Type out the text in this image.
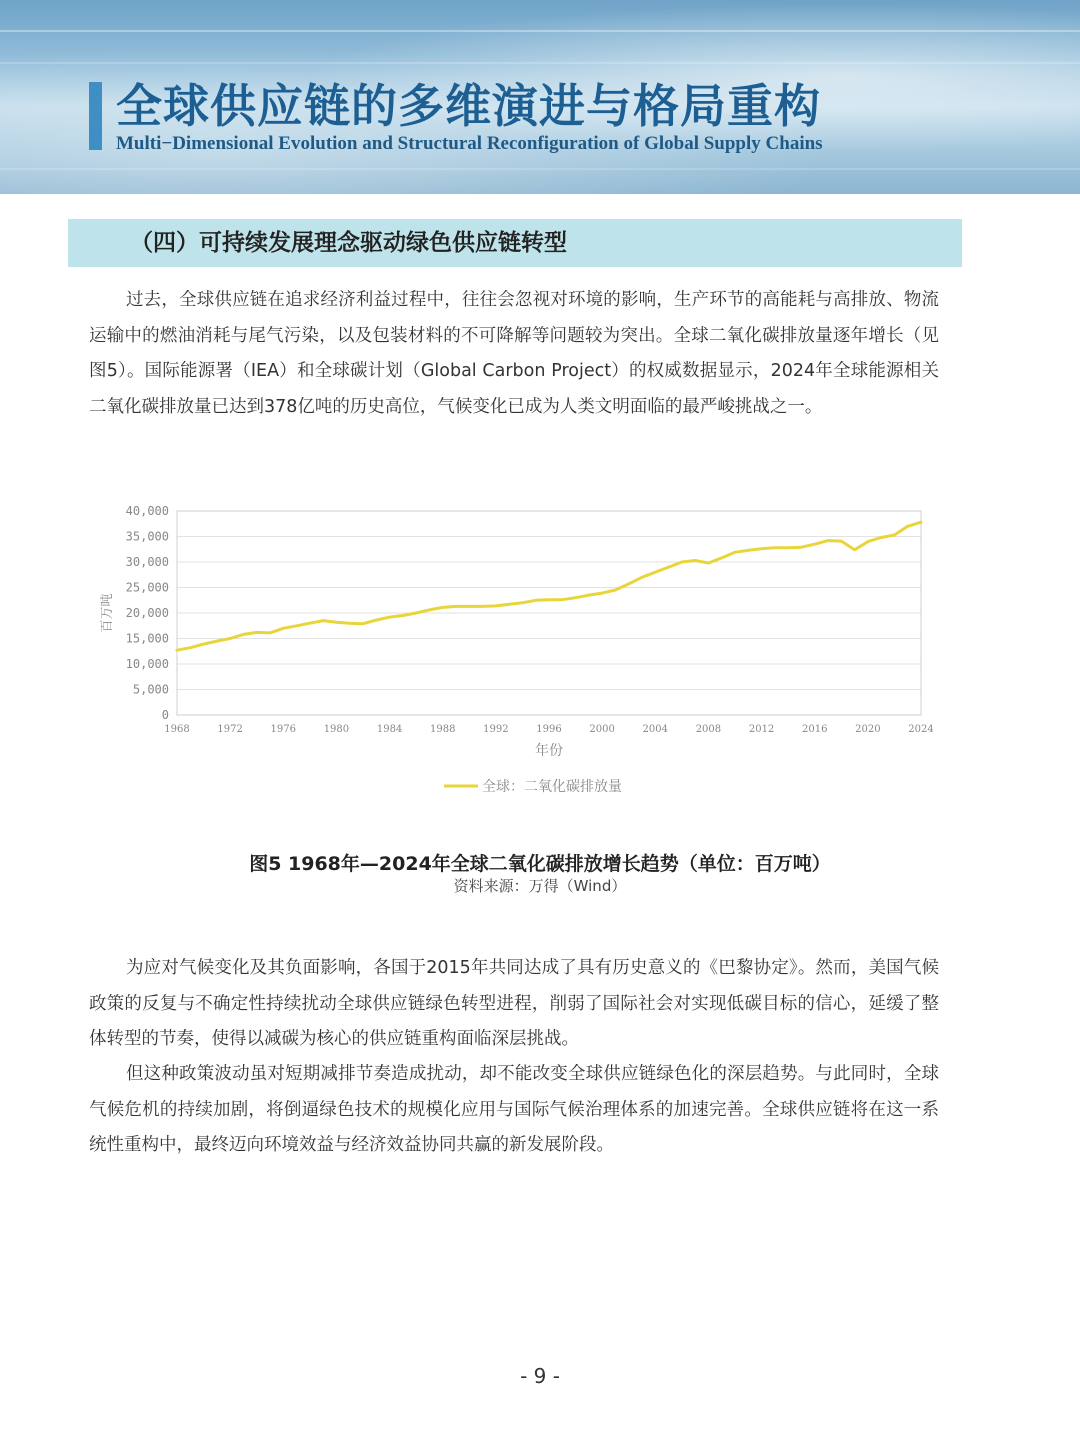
全球供应链的多维演进与格局重构
Multi−Dimensional Evolution and Structural Reconfiguration of Global Supply Chains
（四）可持续发展理念驱动绿色供应链转型

过去，全球供应链在追求经济利益过程中，往往会忽视对环境的影响，生产环节的高能耗与高排放、物流运输中的燃油消耗与尾气污染，以及包装材料的不可降解等问题较为突出。全球二氧化碳排放量逐年增长（见图5）。国际能源署（IEA）和全球碳计划（Global Carbon Project）的权威数据显示，2024年全球能源相关二氧化碳排放量已达到378亿吨的历史高位，气候变化已成为人类文明面临的最严峻挑战之一。

0
5,000
10,000
15,000
20,000
25,000
30,000
35,000
40,000
1968	1972	1976	1980	1984	1988	1992	1996	2000	2004	2008	2012	2016	2020	2024
百万吨
年份
全球：二氧化碳排放量
图5 1968年—2024年全球二氧化碳排放增长趋势（单位：百万吨）
资料来源：万得（Wind）

为应对气候变化及其负面影响，各国于2015年共同达成了具有历史意义的《巴黎协定》。然而，美国气候政策的反复与不确定性持续扰动全球供应链绿色转型进程，削弱了国际社会对实现低碳目标的信心，延缓了整体转型的节奏，使得以减碳为核心的供应链重构面临深层挑战。

但这种政策波动虽对短期减排节奏造成扰动，却不能改变全球供应链绿色化的深层趋势。与此同时，全球气候危机的持续加剧，将倒逼绿色技术的规模化应用与国际气候治理体系的加速完善。全球供应链将在这一系统性重构中，最终迈向环境效益与经济效益协同共赢的新发展阶段。

- 9 -
